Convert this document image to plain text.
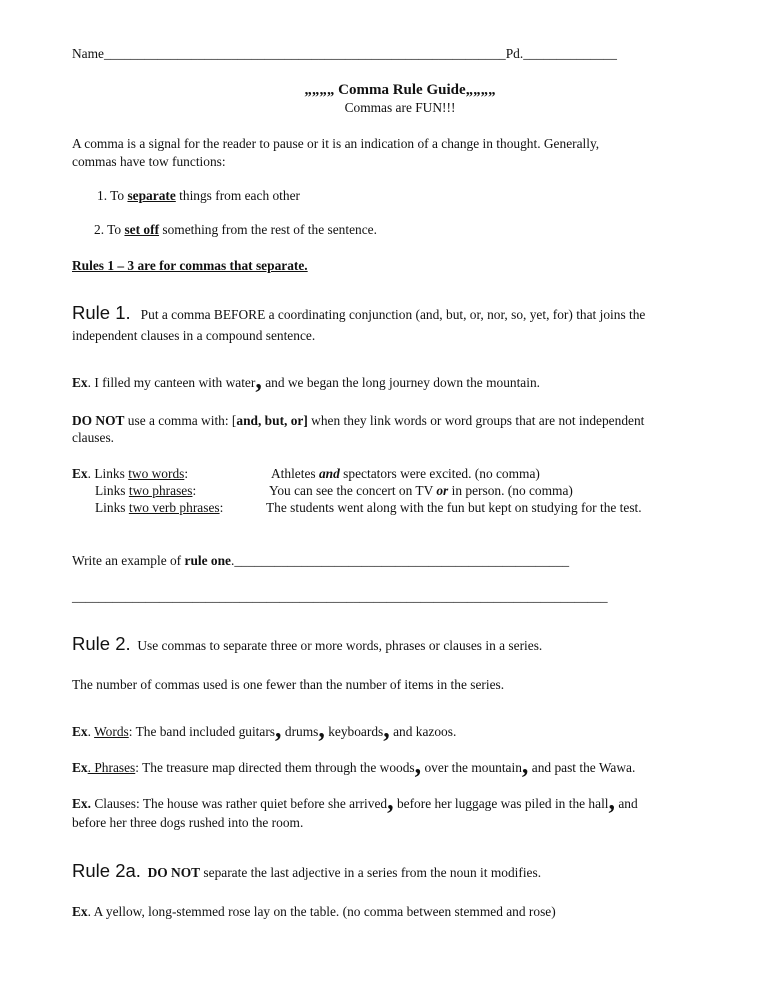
Name____________________________________________________________Pd.______________
„„„„ Comma Rule Guide„„„„
Commas are FUN!!!
A comma is a signal for the reader to pause or it is an indication of a change in thought. Generally,
commas have tow functions:
1. To separate things from each other
2. To set off something from the rest of the sentence.
Rules 1 – 3 are for commas that separate.
Rule 1. Put a comma BEFORE a coordinating conjunction (and, but, or, nor, so, yet, for) that joins the
independent clauses in a compound sentence.
Ex. I filled my canteen with water, and we began the long journey down the mountain.
DO NOT use a comma with: [and, but, or] when they link words or word groups that are not independent
clauses.
Ex. Links two words:	Athletes and spectators were excited. (no comma)
Links two phrases:	You can see the concert on TV or in person. (no comma)
Links two verb phrases:	The students went along with the fun but kept on studying for the test.
Write an example of rule one.__________________________________________________
________________________________________________________________________________
Rule 2. Use commas to separate three or more words, phrases or clauses in a series.
The number of commas used is one fewer than the number of items in the series.
Ex. Words: The band included guitars, drums, keyboards, and kazoos.
Ex. Phrases: The treasure map directed them through the woods, over the mountain, and past the Wawa.
Ex. Clauses: The house was rather quiet before she arrived, before her luggage was piled in the hall, and
before her three dogs rushed into the room.
Rule 2a. DO NOT separate the last adjective in a series from the noun it modifies.
Ex. A yellow, long-stemmed rose lay on the table. (no comma between stemmed and rose)
